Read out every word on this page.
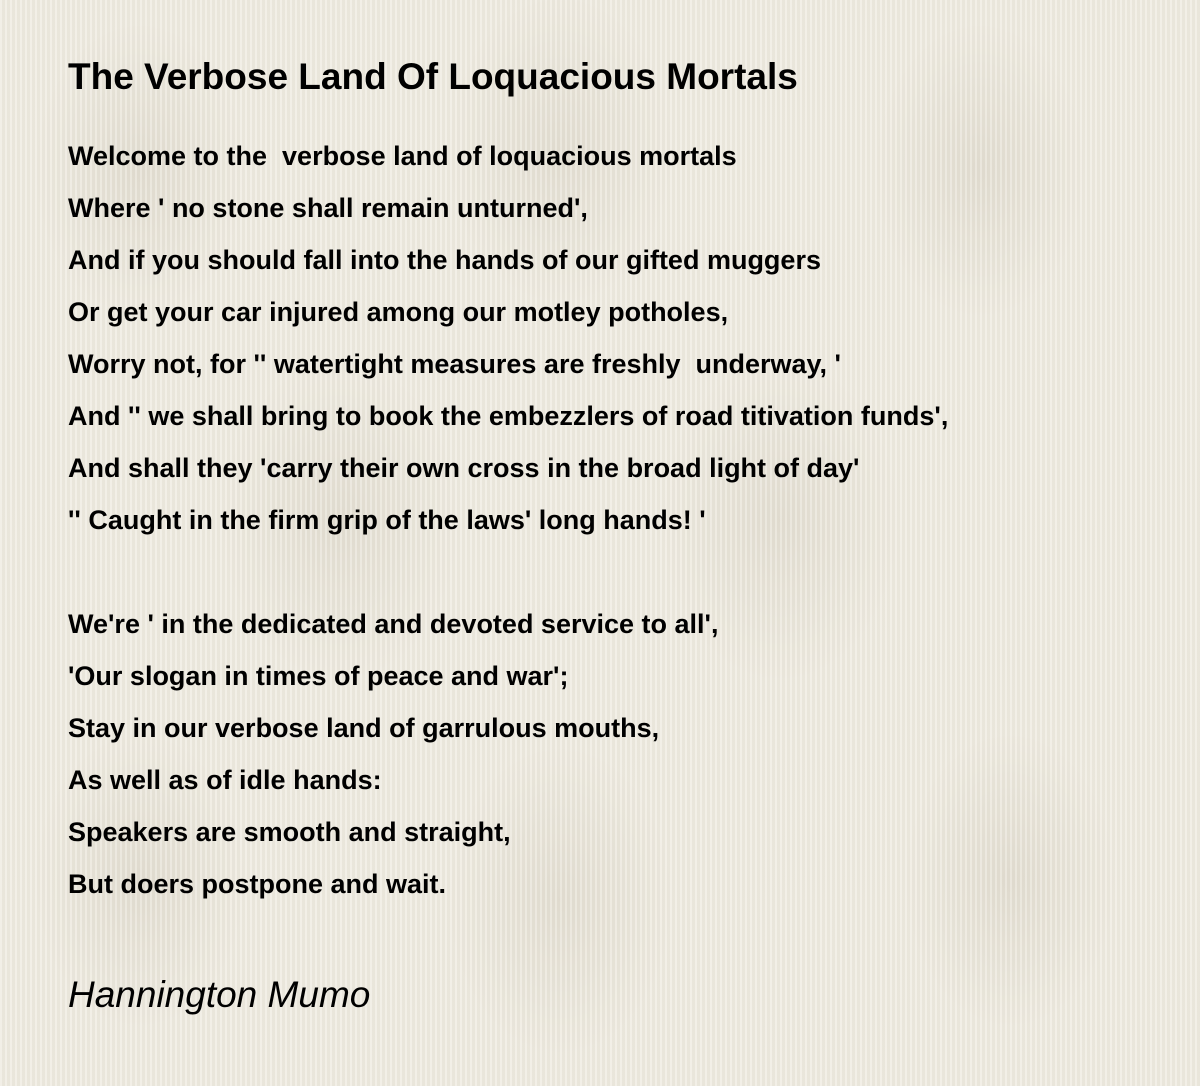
The Verbose Land Of Loquacious Mortals

Welcome to the  verbose land of loquacious mortals
Where ' no stone shall remain unturned',
And if you should fall into the hands of our gifted muggers
Or get your car injured among our motley potholes,
Worry not, for '' watertight measures are freshly  underway, '
And '' we shall bring to book the embezzlers of road titivation funds',
And shall they 'carry their own cross in the broad light of day'
'' Caught in the firm grip of the laws' long hands! '

We're ' in the dedicated and devoted service to all',
'Our slogan in times of peace and war';
Stay in our verbose land of garrulous mouths,
As well as of idle hands:
Speakers are smooth and straight,
But doers postpone and wait.

Hannington Mumo
